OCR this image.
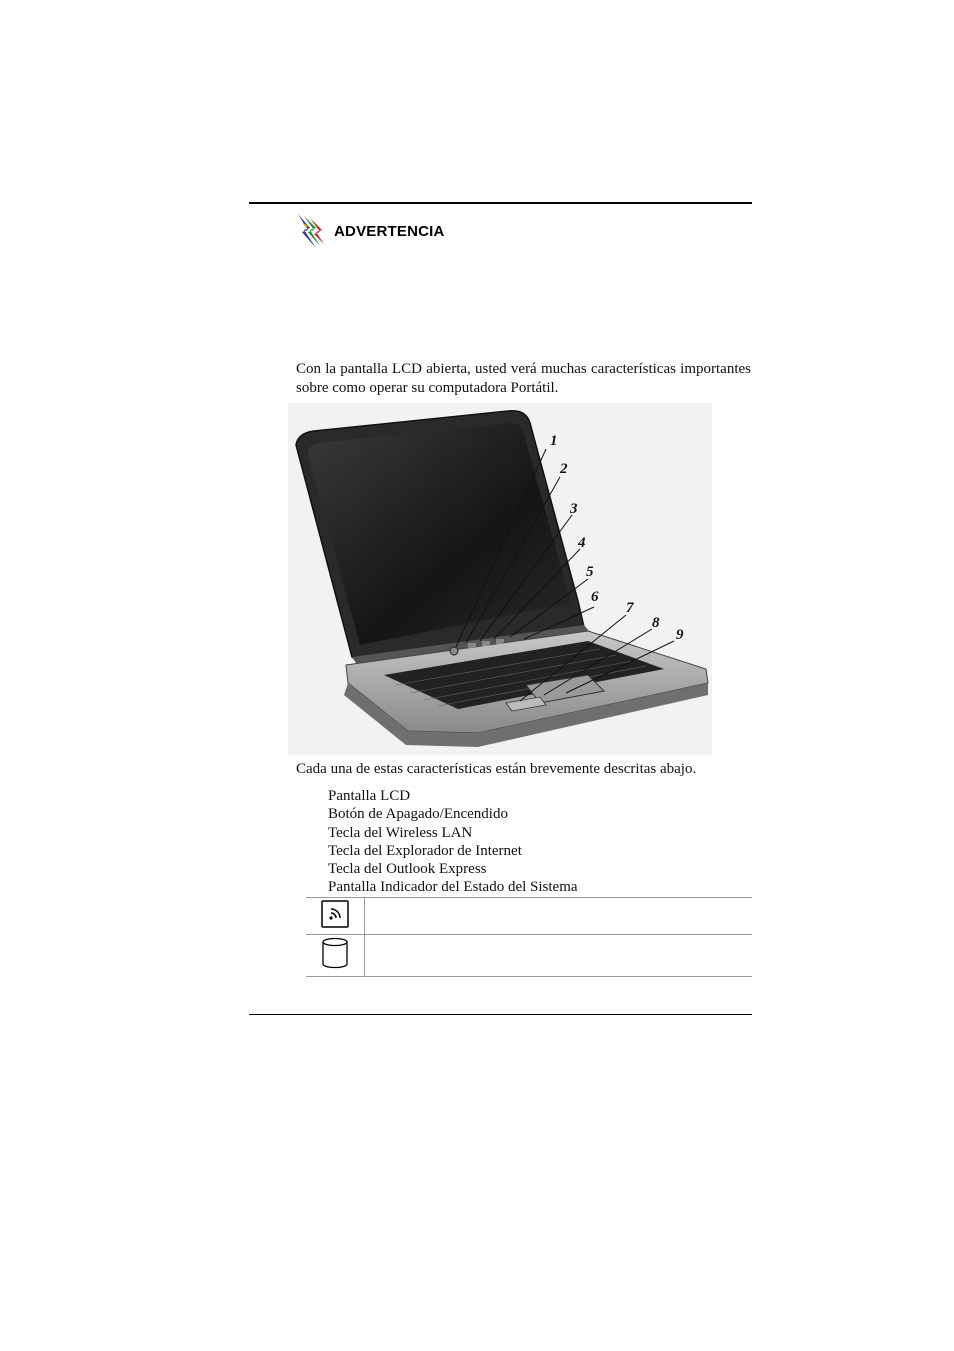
ADVERTENCIA

Con la pantalla LCD abierta, usted verá muchas características importantes sobre como operar su computadora Portátil.

1
2
3
4
5
6
7
8
9
Cada una de estas características están brevemente descritas abajo.
Pantalla LCD
Botón de Apagado/Encendido
Tecla del Wireless LAN
Tecla del Explorador de Internet
Tecla del Outlook Express
Pantalla Indicador del Estado del Sistema
